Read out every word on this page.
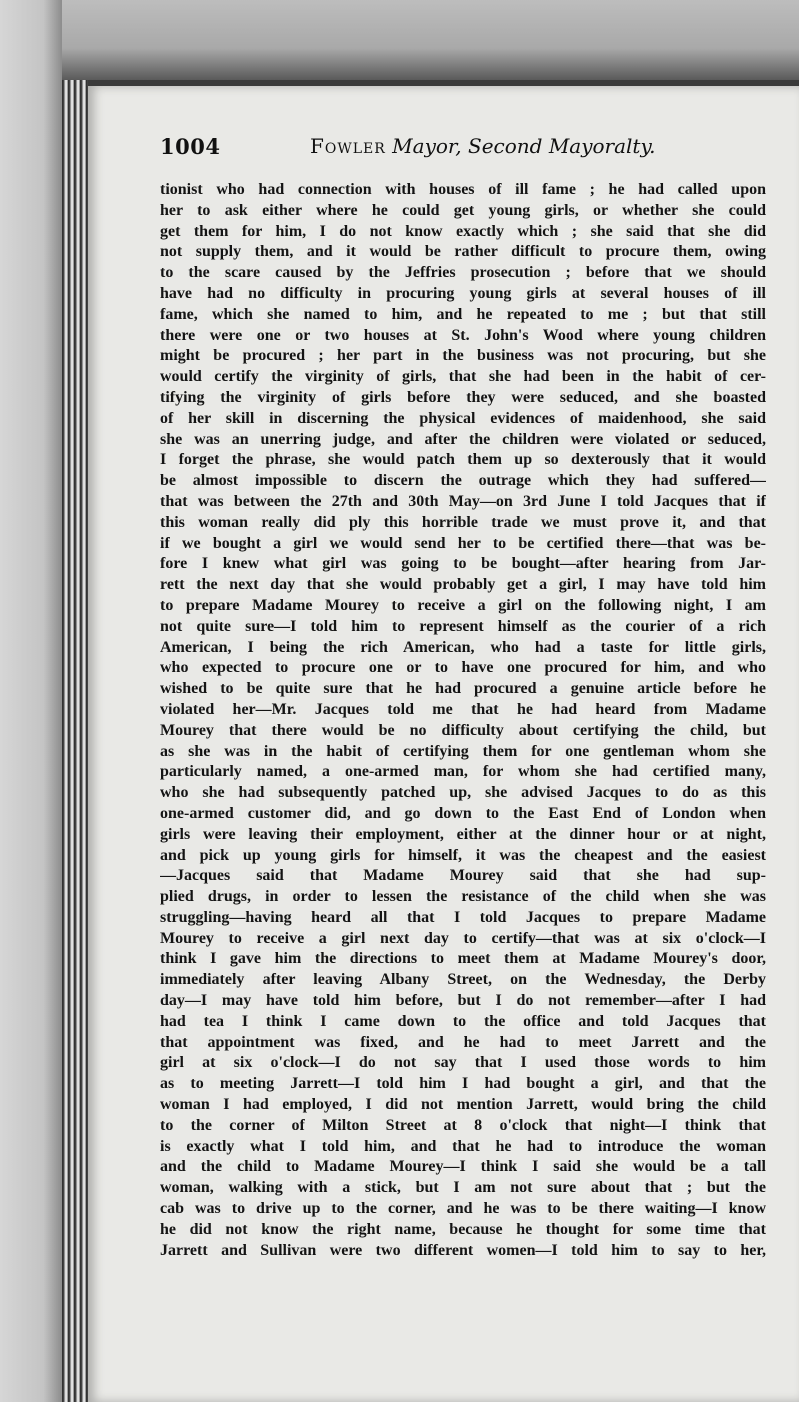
1004	Fowler Mayor, Second Mayoralty.
tionist who had connection with houses of ill fame ; he had called upon
her to ask either where he could get young girls, or whether she could
get them for him, I do not know exactly which ; she said that she did
not supply them, and it would be rather difficult to procure them, owing
to the scare caused by the Jeffries prosecution ; before that we should
have had no difficulty in procuring young girls at several houses of ill
fame, which she named to him, and he repeated to me ; but that still
there were one or two houses at St. John's Wood where young children
might be procured ; her part in the business was not procuring, but she
would certify the virginity of girls, that she had been in the habit of cer-
tifying the virginity of girls before they were seduced, and she boasted
of her skill in discerning the physical evidences of maidenhood, she said
she was an unerring judge, and after the children were violated or seduced,
I forget the phrase, she would patch them up so dexterously that it would
be almost impossible to discern the outrage which they had suffered—
that was between the 27th and 30th May—on 3rd June I told Jacques that if
this woman really did ply this horrible trade we must prove it, and that
if we bought a girl we would send her to be certified there—that was be-
fore I knew what girl was going to be bought—after hearing from Jar-
rett the next day that she would probably get a girl, I may have told him
to prepare Madame Mourey to receive a girl on the following night, I am
not quite sure—I told him to represent himself as the courier of a rich
American, I being the rich American, who had a taste for little girls,
who expected to procure one or to have one procured for him, and who
wished to be quite sure that he had procured a genuine article before he
violated her—Mr. Jacques told me that he had heard from Madame
Mourey that there would be no difficulty about certifying the child, but
as she was in the habit of certifying them for one gentleman whom she
particularly named, a one-armed man, for whom she had certified many,
who she had subsequently patched up, she advised Jacques to do as this
one-armed customer did, and go down to the East End of London when
girls were leaving their employment, either at the dinner hour or at night,
and pick up young girls for himself, it was the cheapest and the easiest
—Jacques said that Madame Mourey said that she had sup-
plied drugs, in order to lessen the resistance of the child when she was
struggling—having heard all that I told Jacques to prepare Madame
Mourey to receive a girl next day to certify—that was at six o'clock—I
think I gave him the directions to meet them at Madame Mourey's door,
immediately after leaving Albany Street, on the Wednesday, the Derby
day—I may have told him before, but I do not remember—after I had
had tea I think I came down to the office and told Jacques that
that appointment was fixed, and he had to meet Jarrett and the
girl at six o'clock—I do not say that I used those words to him
as to meeting Jarrett—I told him I had bought a girl, and that the
woman I had employed, I did not mention Jarrett, would bring the child
to the corner of Milton Street at 8 o'clock that night—I think that
is exactly what I told him, and that he had to introduce the woman
and the child to Madame Mourey—I think I said she would be a tall
woman, walking with a stick, but I am not sure about that ; but the
cab was to drive up to the corner, and he was to be there waiting—I know
he did not know the right name, because he thought for some time that
Jarrett and Sullivan were two different women—I told him to say to her,
